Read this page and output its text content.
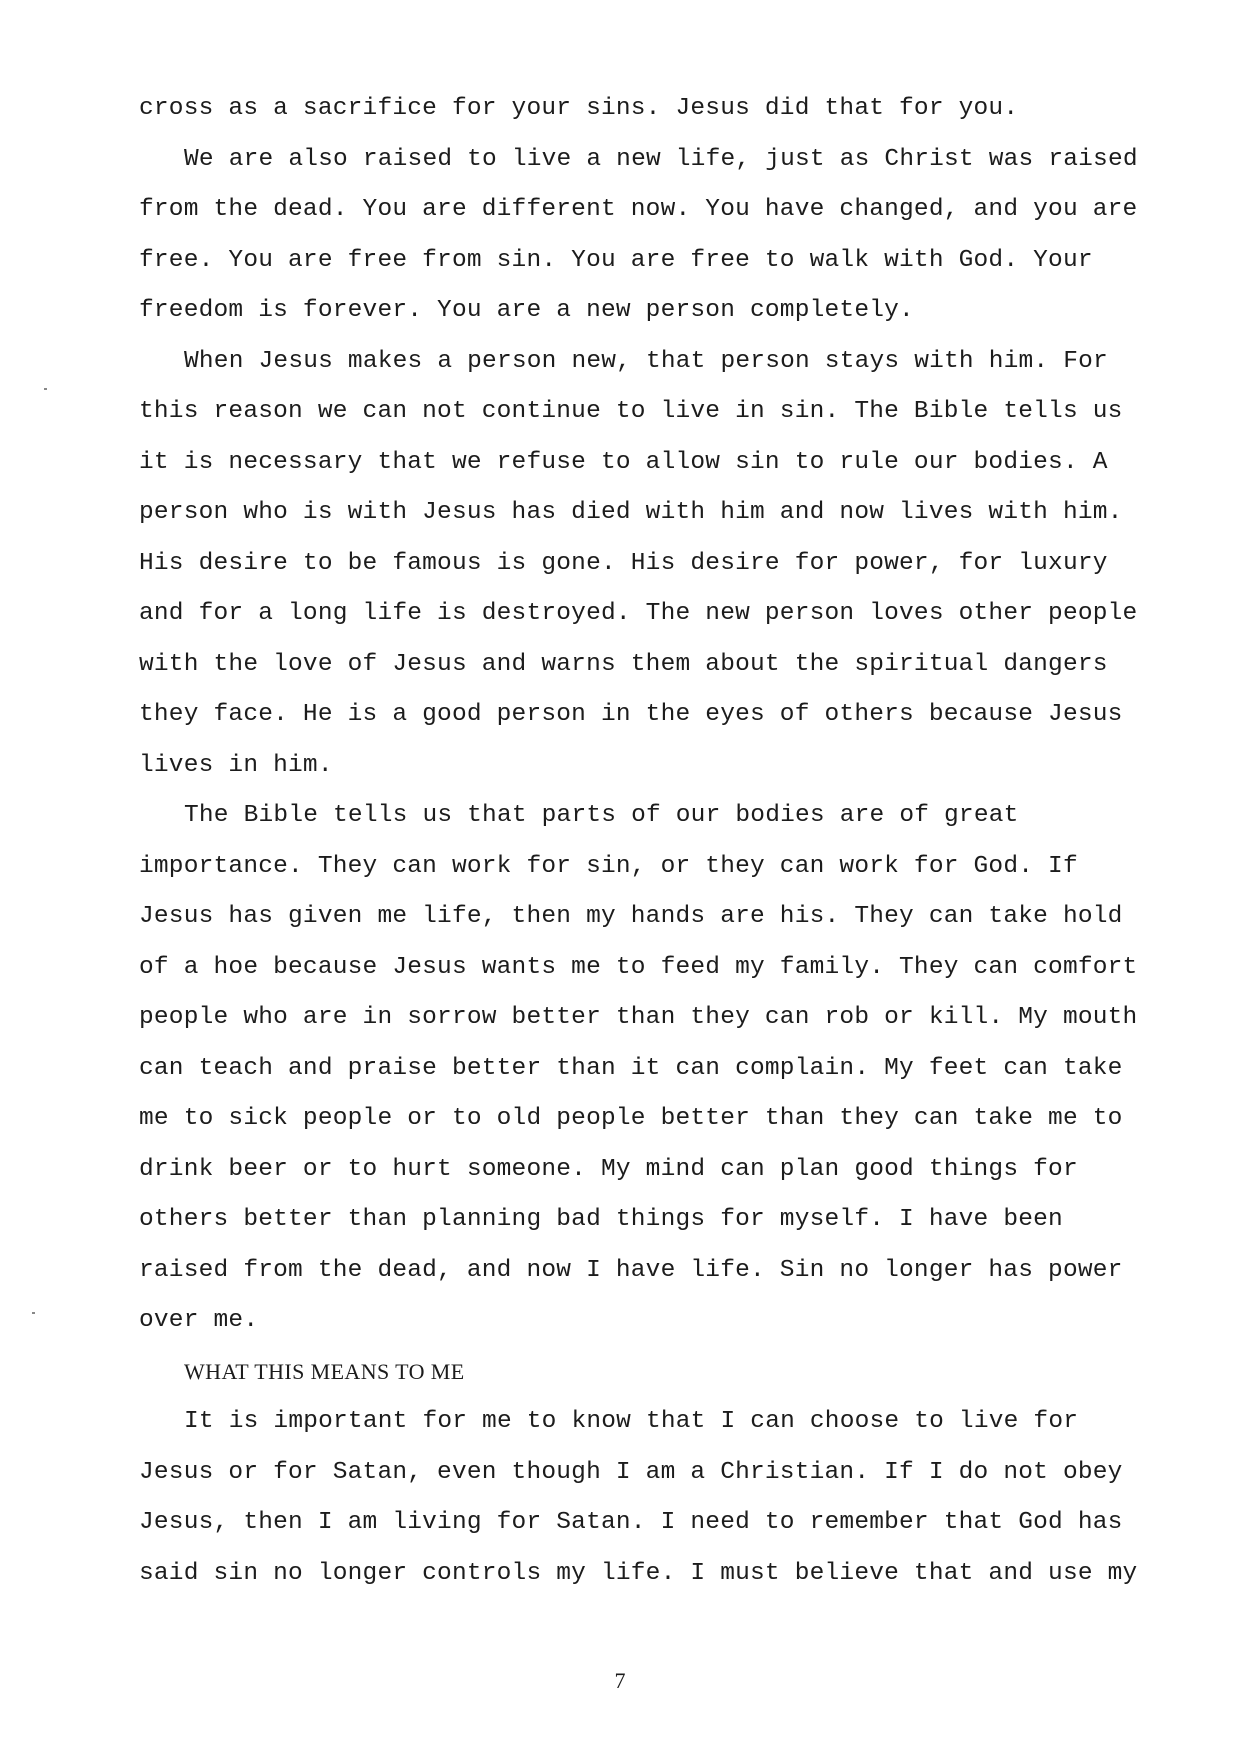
cross as a sacrifice for your sins. Jesus did that for you.
We are also raised to live a new life, just as Christ was raised
from the dead. You are different now. You have changed, and you are
free. You are free from sin. You are free to walk with God. Your
freedom is forever. You are a new person completely.
When Jesus makes a person new, that person stays with him. For
this reason we can not continue to live in sin. The Bible tells us
it is necessary that we refuse to allow sin to rule our bodies. A
person who is with Jesus has died with him and now lives with him.
His desire to be famous is gone. His desire for power, for luxury
and for a long life is destroyed. The new person loves other people
with the love of Jesus and warns them about the spiritual dangers
they face. He is a good person in the eyes of others because Jesus
lives in him.
The Bible tells us that parts of our bodies are of great
importance. They can work for sin, or they can work for God. If
Jesus has given me life, then my hands are his. They can take hold
of a hoe because Jesus wants me to feed my family. They can comfort
people who are in sorrow better than they can rob or kill. My mouth
can teach and praise better than it can complain. My feet can take
me to sick people or to old people better than they can take me to
drink beer or to hurt someone. My mind can plan good things for
others better than planning bad things for myself. I have been
raised from the dead, and now I have life. Sin no longer has power
over me.
WHAT THIS MEANS TO ME
It is important for me to know that I can choose to live for
Jesus or for Satan, even though I am a Christian. If I do not obey
Jesus, then I am living for Satan. I need to remember that God has
said sin no longer controls my life. I must believe that and use my
7
